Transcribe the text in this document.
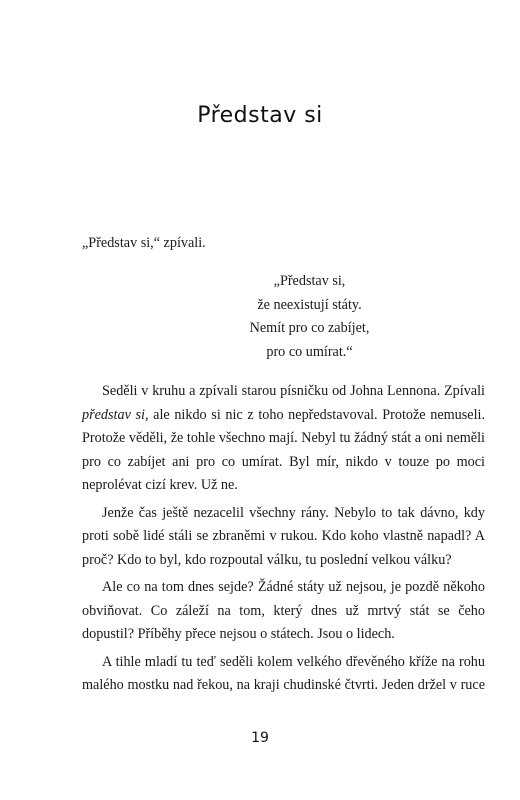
Představ si

„Představ si,“ zpívali.

„Představ si,
že neexistují státy.
Nemít pro co zabíjet,
pro co umírat.“

Seděli v kruhu a zpívali starou písničku od Johna Lennona. Zpívali představ si, ale nikdo si nic z toho nepředstavoval. Protože nemuseli. Protože věděli, že tohle všechno mají. Nebyl tu žádný stát a oni neměli pro co zabíjet ani pro co umírat. Byl mír, nikdo v touze po moci neprolévat cizí krev. Už ne.

Jenže čas ještě nezacelil všechny rány. Nebylo to tak dávno, kdy proti sobě lidé stáli se zbraněmi v rukou. Kdo koho vlastně napadl? A proč? Kdo to byl, kdo rozpoutal válku, tu poslední velkou válku?

Ale co na tom dnes sejde? Žádné státy už nejsou, je pozdě někoho obviňovat. Co záleží na tom, který dnes už mrtvý stát se čeho dopustil? Příběhy přece nejsou o státech. Jsou o lidech.

A tihle mladí tu teď seděli kolem velkého dřevěného kříže na rohu malého mostku nad řekou, na kraji chudinské čtvrti. Jeden držel v ruce

19
